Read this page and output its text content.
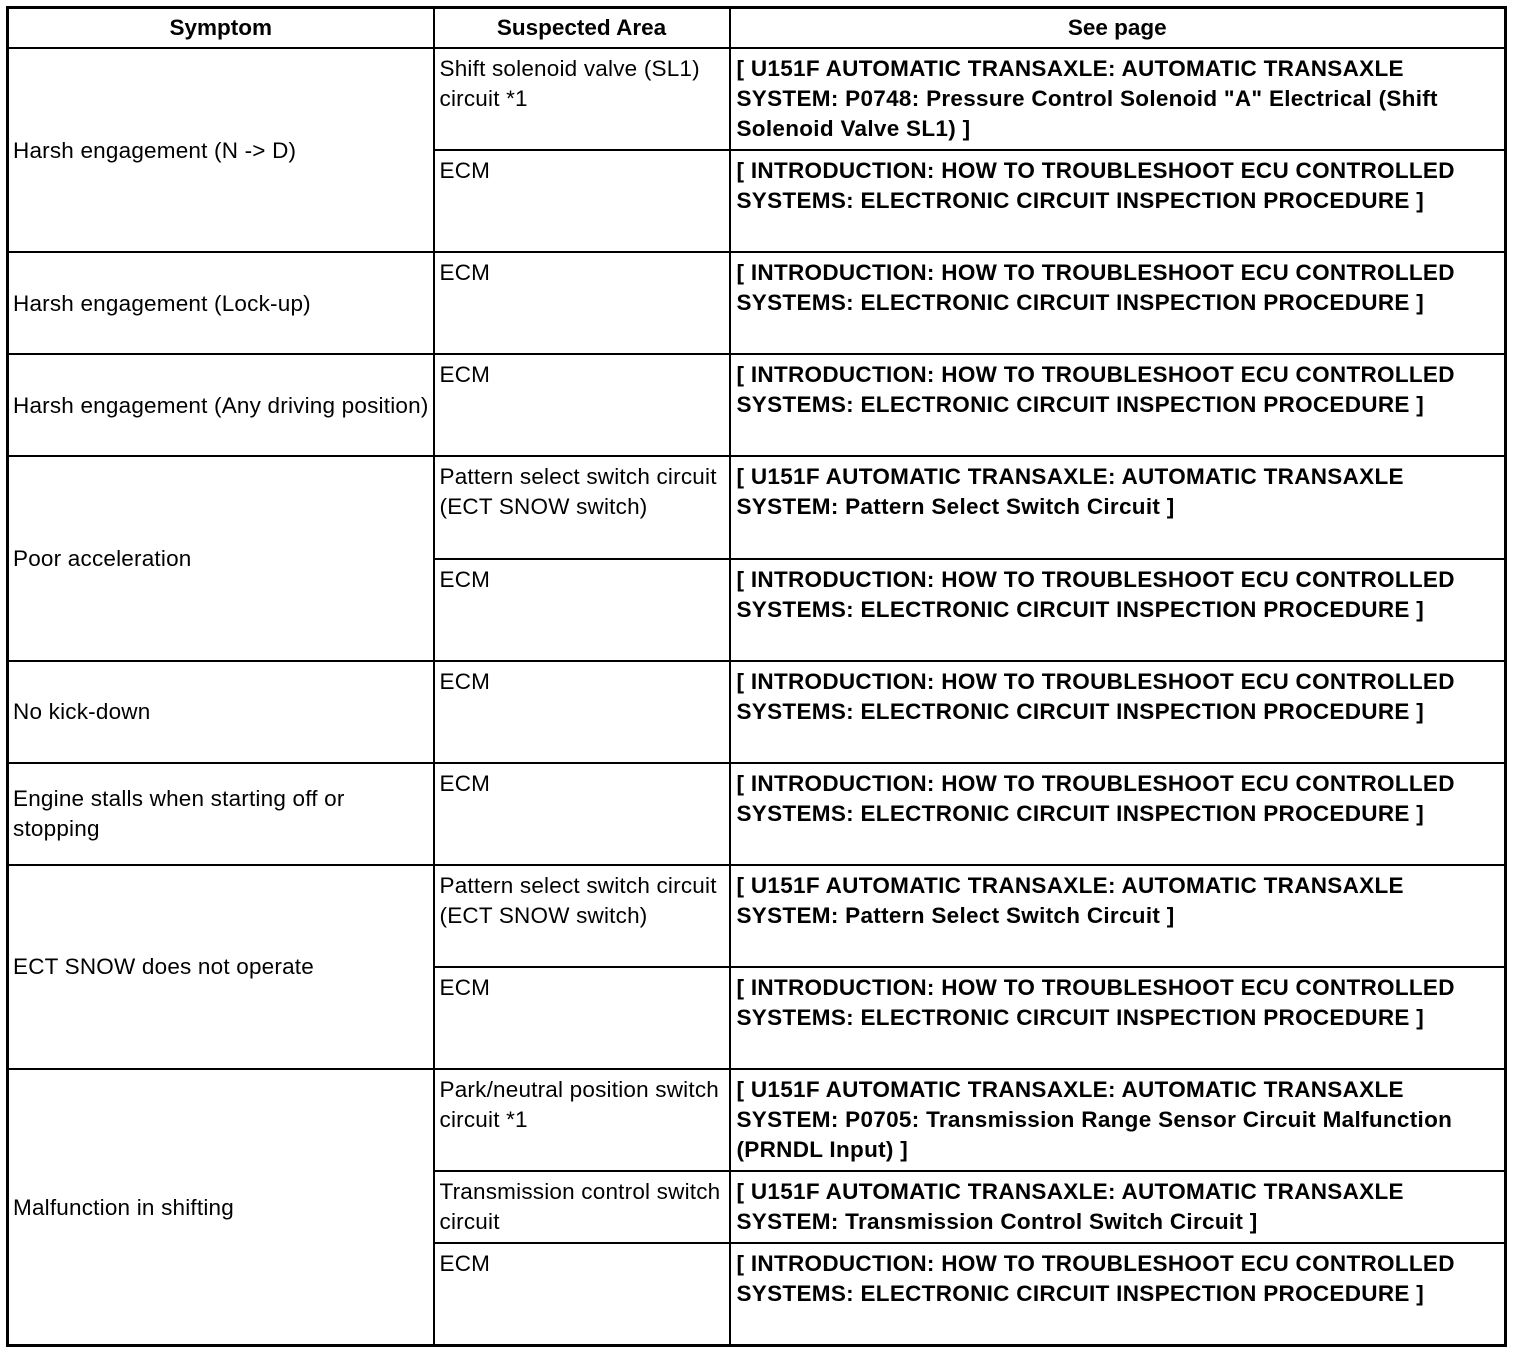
Symptom	Suspected Area	See page
Harsh engagement (N -> D)	Shift solenoid valve (SL1) circuit *1	[ U151F AUTOMATIC TRANSAXLE: AUTOMATIC TRANSAXLE SYSTEM: P0748: Pressure Control Solenoid "A" Electrical (Shift Solenoid Valve SL1) ]
	ECM	[ INTRODUCTION: HOW TO TROUBLESHOOT ECU CONTROLLED SYSTEMS: ELECTRONIC CIRCUIT INSPECTION PROCEDURE ]
Harsh engagement (Lock-up)	ECM	[ INTRODUCTION: HOW TO TROUBLESHOOT ECU CONTROLLED SYSTEMS: ELECTRONIC CIRCUIT INSPECTION PROCEDURE ]
Harsh engagement (Any driving position)	ECM	[ INTRODUCTION: HOW TO TROUBLESHOOT ECU CONTROLLED SYSTEMS: ELECTRONIC CIRCUIT INSPECTION PROCEDURE ]
Poor acceleration	Pattern select switch circuit (ECT SNOW switch)	[ U151F AUTOMATIC TRANSAXLE: AUTOMATIC TRANSAXLE SYSTEM: Pattern Select Switch Circuit ]
	ECM	[ INTRODUCTION: HOW TO TROUBLESHOOT ECU CONTROLLED SYSTEMS: ELECTRONIC CIRCUIT INSPECTION PROCEDURE ]
No kick-down	ECM	[ INTRODUCTION: HOW TO TROUBLESHOOT ECU CONTROLLED SYSTEMS: ELECTRONIC CIRCUIT INSPECTION PROCEDURE ]
Engine stalls when starting off or stopping	ECM	[ INTRODUCTION: HOW TO TROUBLESHOOT ECU CONTROLLED SYSTEMS: ELECTRONIC CIRCUIT INSPECTION PROCEDURE ]
ECT SNOW does not operate	Pattern select switch circuit (ECT SNOW switch)	[ U151F AUTOMATIC TRANSAXLE: AUTOMATIC TRANSAXLE SYSTEM: Pattern Select Switch Circuit ]
	ECM	[ INTRODUCTION: HOW TO TROUBLESHOOT ECU CONTROLLED SYSTEMS: ELECTRONIC CIRCUIT INSPECTION PROCEDURE ]
Malfunction in shifting	Park/neutral position switch circuit *1	[ U151F AUTOMATIC TRANSAXLE: AUTOMATIC TRANSAXLE SYSTEM: P0705: Transmission Range Sensor Circuit Malfunction (PRNDL Input) ]
	Transmission control switch circuit	[ U151F AUTOMATIC TRANSAXLE: AUTOMATIC TRANSAXLE SYSTEM: Transmission Control Switch Circuit ]
	ECM	[ INTRODUCTION: HOW TO TROUBLESHOOT ECU CONTROLLED SYSTEMS: ELECTRONIC CIRCUIT INSPECTION PROCEDURE ]
